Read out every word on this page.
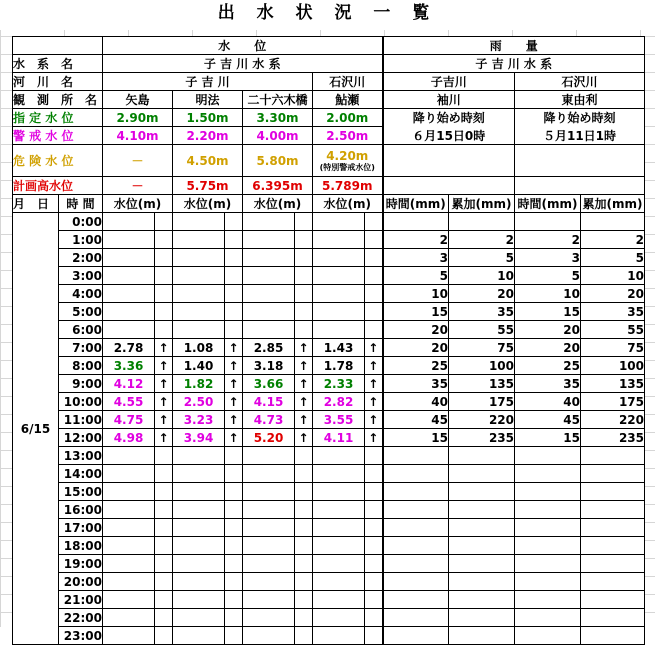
出 水 状 況 一 覧
		水　　位								雨　　量			
水　系　名		子 吉 川 水 系								子 吉 川 水 系			
河　川　名		子 吉 川						石沢川		子吉川		石沢川	
観　測　所　名		矢島		明法		二十六木橋		鮎瀬		袖川		東由利	
指 定 水 位		2.90m		1.50m		3.30m		2.00m		降り始め時刻		降り始め時刻	
警 戒 水 位		4.10m		2.20m		4.00m		2.50m		６月15日0時		５月11日1時	
危 険 水 位		－		4.50m		5.80m		4.20m
(特別警戒水位)					

計画高水位		－		5.75m		6.395m		5.789m					
月　日	時 間	水位(m)		水位(m)		水位(m)		水位(m)		時間(mm)	累加(mm)	時間(mm)	累加(mm)
6/15	0:00												
	1:00									2	2	2	2
	2:00									3	5	3	5
	3:00									5	10	5	10
	4:00									10	20	10	20
	5:00									15	35	15	35
	6:00									20	55	20	55
	7:00	2.78	↑	1.08	↑	2.85	↑	1.43	↑	20	75	20	75
	8:00	3.36	↑	1.40	↑	3.18	↑	1.78	↑	25	100	25	100
	9:00	4.12	↑	1.82	↑	3.66	↑	2.33	↑	35	135	35	135
	10:00	4.55	↑	2.50	↑	4.15	↑	2.82	↑	40	175	40	175
	11:00	4.75	↑	3.23	↑	4.73	↑	3.55	↑	45	220	45	220
	12:00	4.98	↑	3.94	↑	5.20	↑	4.11	↑	15	235	15	235
	13:00												
	14:00												
	15:00												
	16:00												
	17:00												
	18:00												
	19:00												
	20:00												
	21:00												
	22:00												
	23:00												
